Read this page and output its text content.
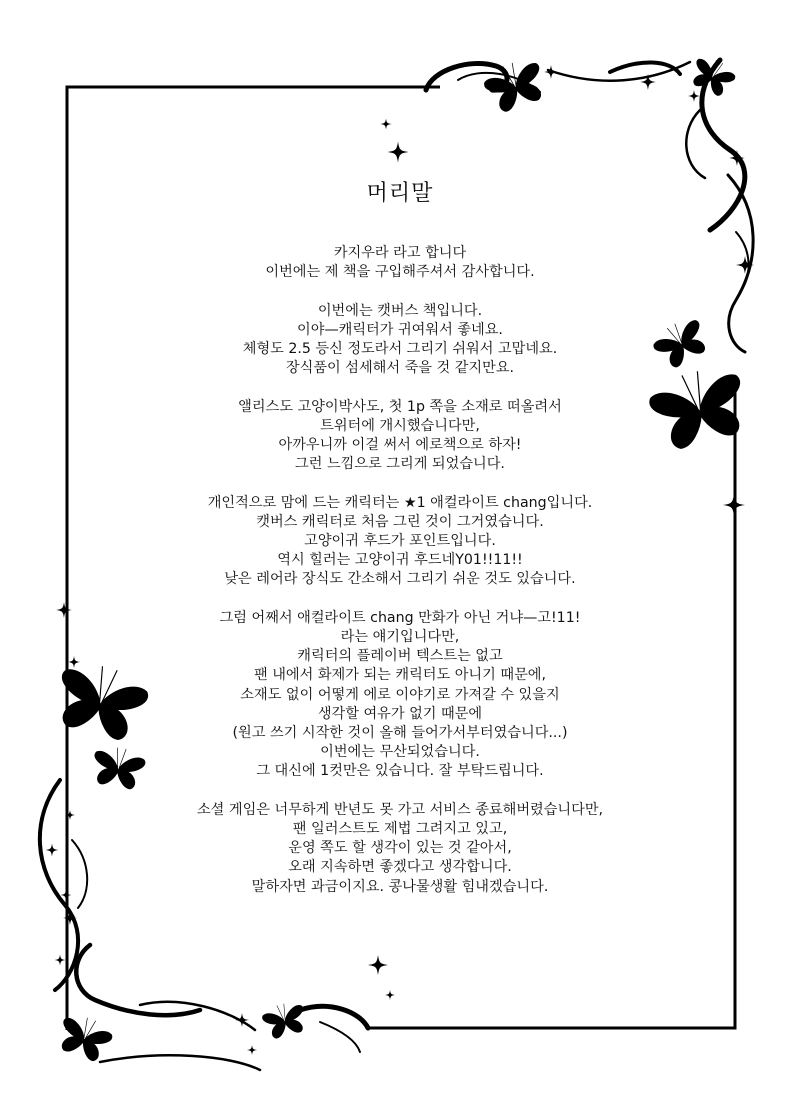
머리말
카지우라 라고 합니다
이번에는 제 책을 구입해주셔서 감사합니다.
이번에는 캣버스 책입니다.
이야—캐릭터가 귀여워서 좋네요.
체형도 2.5 등신 정도라서 그리기 쉬워서 고맙네요.
장식품이 섬세해서 죽을 것 같지만요.
앨리스도 고양이박사도, 첫 1p 쪽을 소재로 떠올려서
트위터에 개시했습니다만,
아까우니까 이걸 써서 에로책으로 하자!
그런 느낌으로 그리게 되었습니다.
개인적으로 맘에 드는 캐릭터는 ★1 애컬라이트 chang입니다.
캣버스 캐릭터로 처음 그린 것이 그거였습니다.
고양이귀 후드가 포인트입니다.
역시 힐러는 고양이귀 후드네Y01!!11!!
낮은 레어라 장식도 간소해서 그리기 쉬운 것도 있습니다.
그럼 어째서 애컬라이트 chang 만화가 아닌 거냐—고!11!
라는 얘기입니다만,
캐릭터의 플레이버 텍스트는 없고
팬 내에서 화제가 되는 캐릭터도 아니기 때문에,
소재도 없이 어떻게 에로 이야기로 가져갈 수 있을지
생각할 여유가 없기 때문에
(원고 쓰기 시작한 것이 올해 들어가서부터였습니다...)
이번에는 무산되었습니다.
그 대신에 1컷만은 있습니다. 잘 부탁드립니다.
소셜 게임은 너무하게 반년도 못 가고 서비스 종료해버렸습니다만,
팬 일러스트도 제법 그려지고 있고,
운영 쪽도 할 생각이 있는 것 같아서,
오래 지속하면 좋겠다고 생각합니다.
말하자면 과금이지요. 콩나물생활 힘내겠습니다.
